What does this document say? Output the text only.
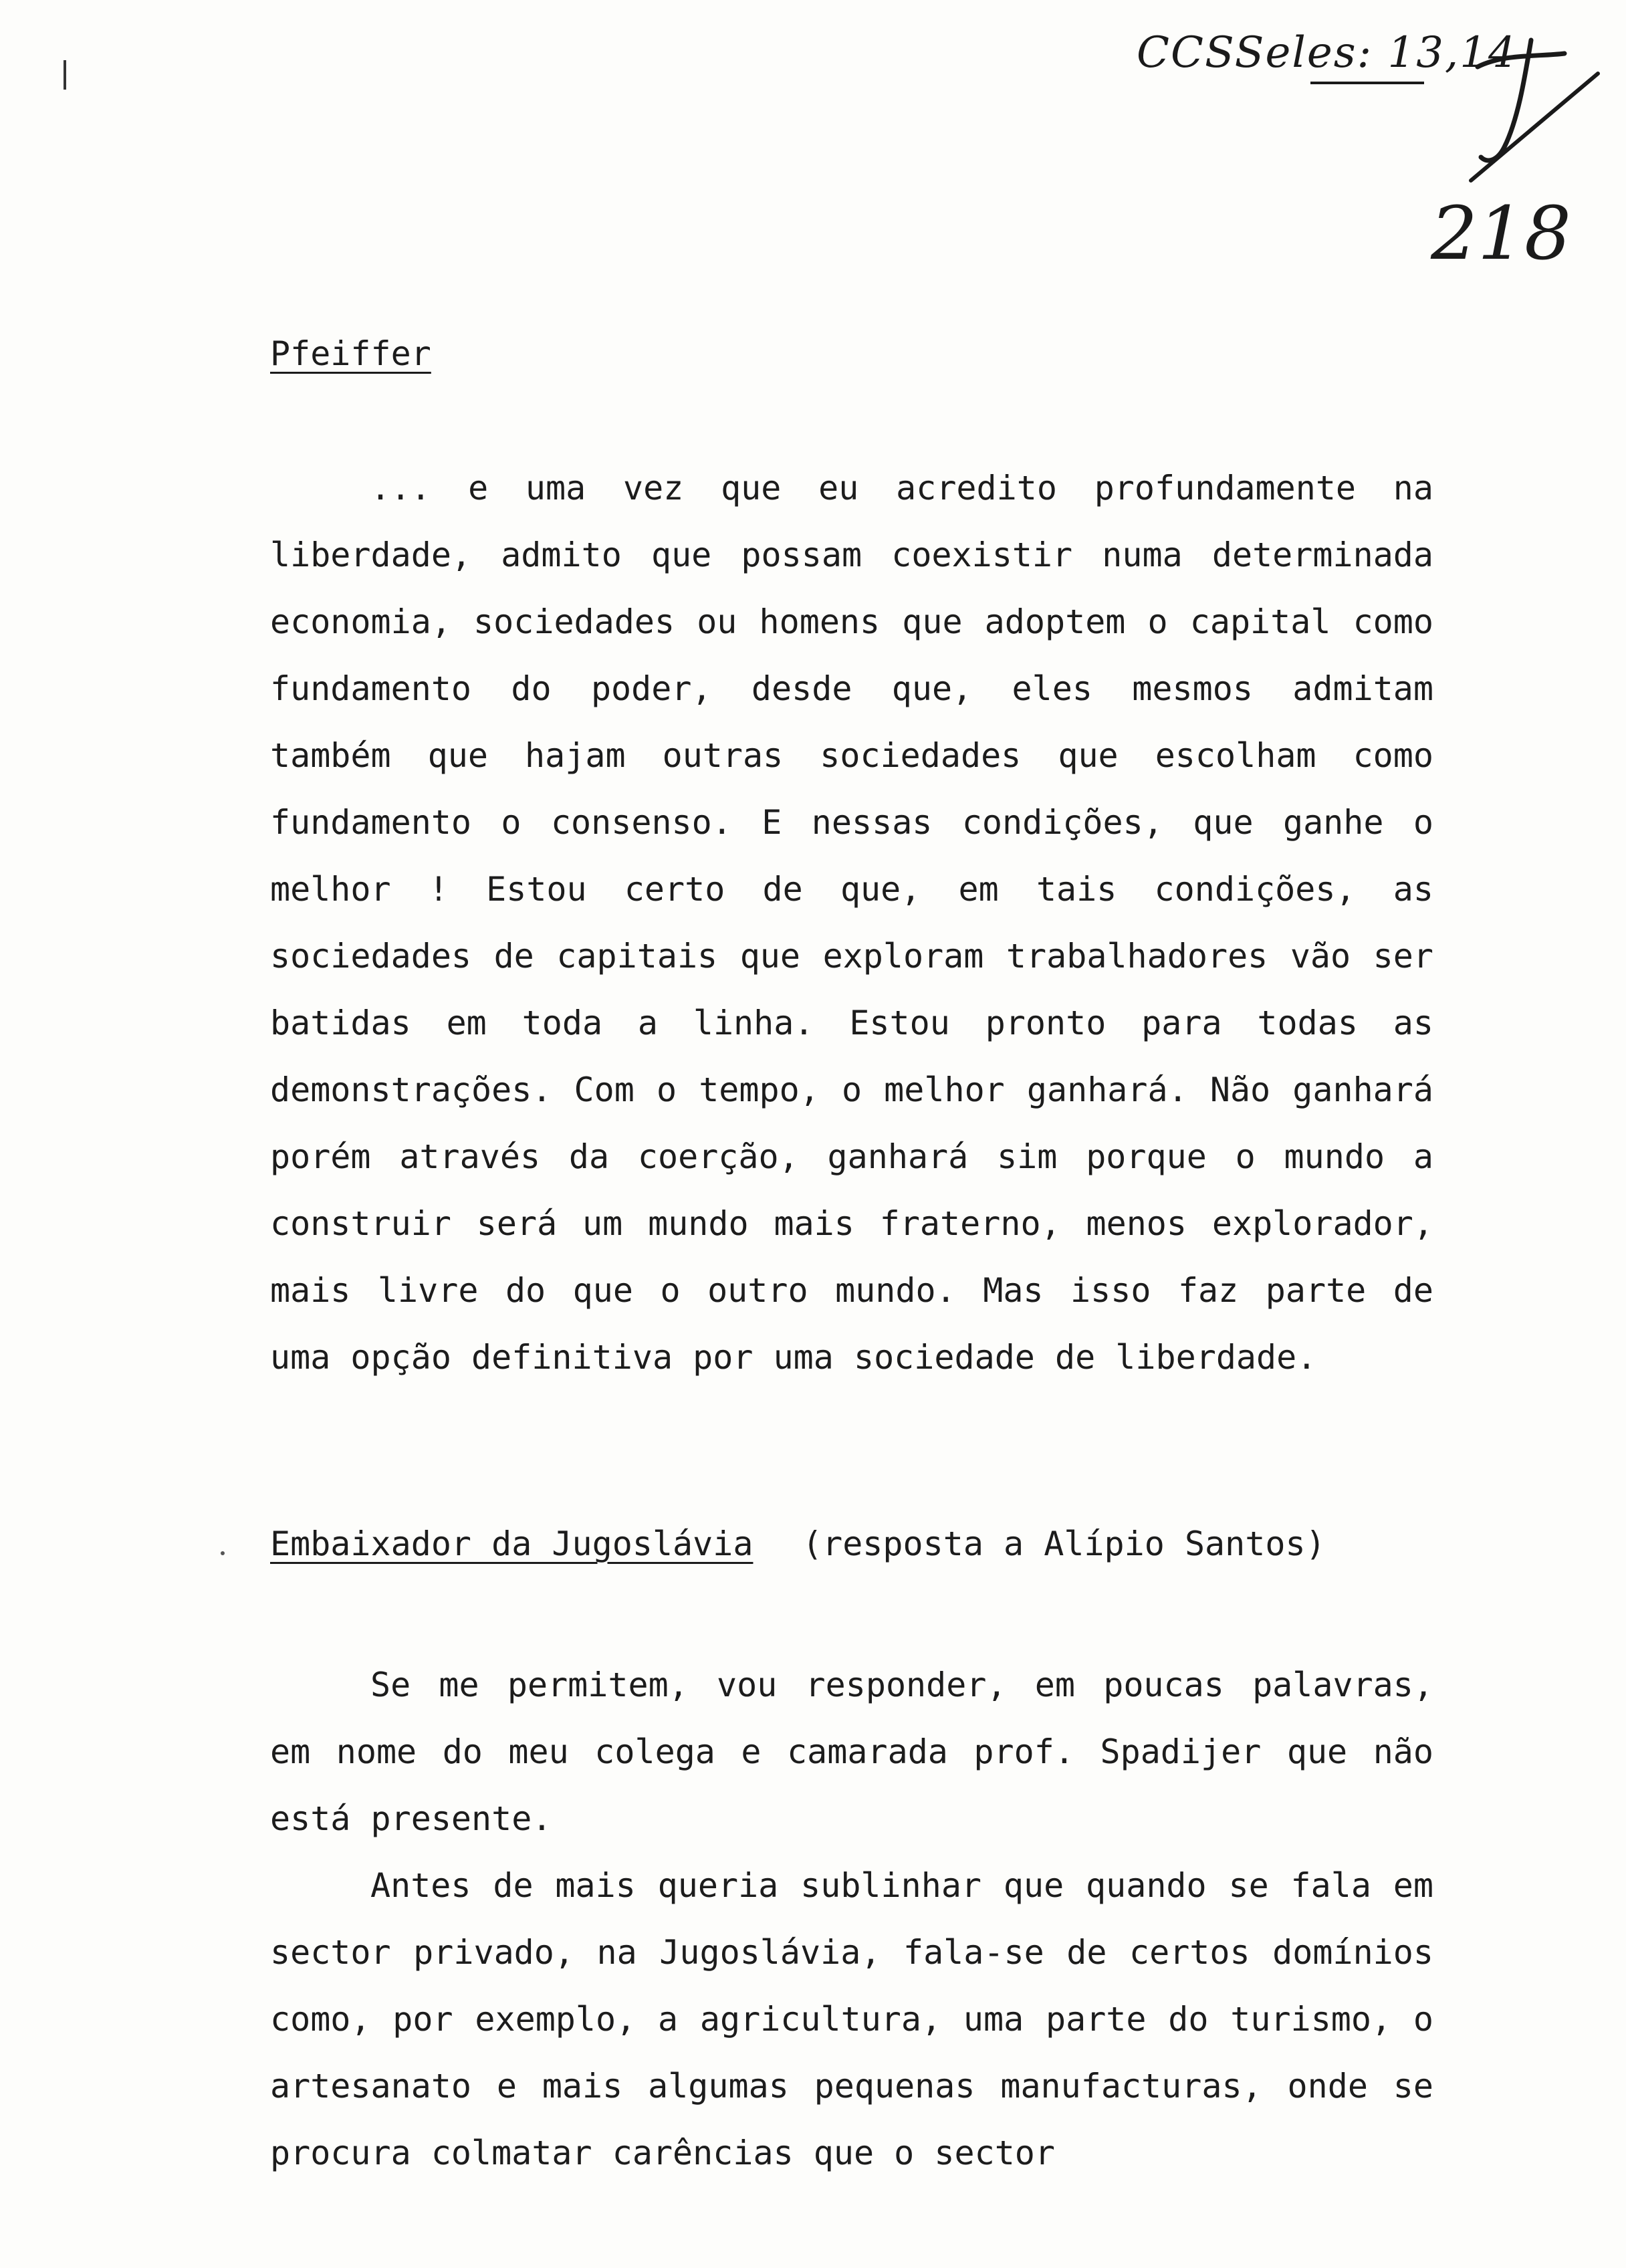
CCSSeles: 13,14
218
Pfeiffer

... e uma vez que eu acredito profundamente na liberdade, admito que possam coexistir numa determinada economia, sociedades ou homens que adoptem o capital como fundamento do poder, desde que, eles mesmos admitam também que hajam outras sociedades que escolham como fundamento o consenso. E nessas condições, que ganhe o melhor ! Estou certo de que, em tais condições, as sociedades de capitais que exploram trabalhadores vão ser batidas em toda a linha. Estou pronto para todas as demonstrações. Com o tempo, o melhor ganhará. Não ganhará porém através da coerção, ganhará sim porque o mundo a construir será um mundo mais fraterno, menos explorador, mais livre do que o outro mundo. Mas isso faz parte de uma opção definitiva por uma sociedade de liberdade.

Embaixador da Jugoslávia (resposta a Alípio Santos)

Se me permitem, vou responder, em poucas palavras, em nome do meu colega e camarada prof. Spadijer que não está presente.

Antes de mais queria sublinhar que quando se fala em sector privado, na Jugoslávia, fala-se de certos domínios como, por exemplo, a agricultura, uma parte do turismo, o artesanato e mais algumas pequenas manufacturas, onde se procura colmatar carências que o sector
